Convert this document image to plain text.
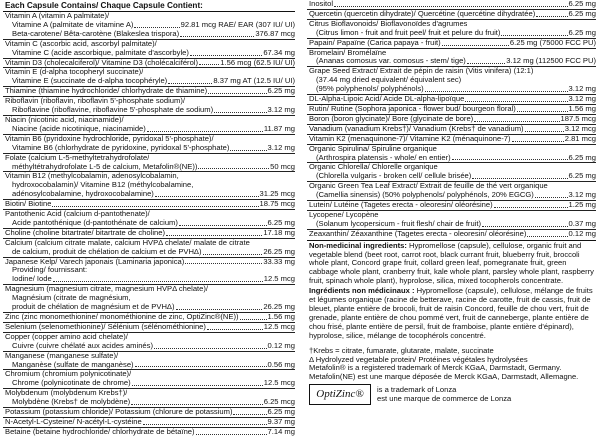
Each Capsule Contains/ Chaque Capsule Contient:
Vitamin A (vitamin A palmitate)/
Vitamine A (palmitate de vitamine A)	92.81 mcg RAE/ EAR (307 IU/ UI)
Beta-carotene/ Bêta-carotène (Blakeslea trispora)	376.87 mcg
Vitamin C (ascorbic acid, ascorbyl palmitate)/
Vitamine C (acide ascorbique, palmitate d'ascorbyle)	67.34 mg
Vitamin D3 (cholecalciferol)/ Vitamine D3 (cholécalciférol)	1.56 mcg (62.5 IU/ UI)
Vitamin E (d-alpha tocopheryl succinate)/
Vitamine E (succinate de d-alpha tocophéryle)	8.37 mg AT (12.5 IU/ UI)
Thiamine (thiamine hydrochloride/ chlorhydrate de thiamine)	6.25 mg
Riboflavin (riboflavin, riboflavin 5'-phosphate sodium)/
Riboflavine (riboflavine, riboflavine 5'-phosphate de sodium)	3.12 mg
Niacin (nicotinic acid, niacinamide)/
Niacine (acide nicotinique, niacinamide)	11.87 mg
Vitamin B6 (pyridoxine hydrochloride, pyridoxal 5'-phosphate)/
Vitamine B6 (chlorhydrate de pyridoxine, pyridoxal 5'-phosphate)	3.12 mg
Folate (calcium L-5-methyltetrahydrofolate/
méthyltétrahydrofolate L-5 de calcium, Metafolin®(NE))	50 mcg
Vitamin B12 (methylcobalamin, adenosylcobalamin,
hydroxocobalamin)/ Vitamine B12 (méthylcobalamine,
adénosylcobalamine, hydroxocobalamine)	31.25 mcg
Biotin/ Biotine	18.75 mcg
Pantothenic Acid (calcium d-pantothenate)/
Acide pantothénique (d-pantothénate de calcium)	6.25 mg
Choline (choline bitartrate/ bitartrate de choline)	17.18 mg
Calcium (calcium citrate malate, calcium HVPΔ chelate/ malate de citrate
de calcium, produit de chélation de calcium et de PVHΔ)	26.25 mg
Japanese Kelp/ Varech japonais (Laminaria japonica)	33.33 mg
Providing/ fournissant:
Iodine/ Iode	12.5 mcg
Magnesium (magnesium citrate, magnesium HVPΔ chelate)/
Magnésium (citrate de magnésium,
produit de chélation de magnésium et de PVHΔ)	26.25 mg
Zinc (zinc monomethionine/ monométhionine de zinc, OptiZinc®(NE))	1.56 mg
Selenium (selenomethionine)/ Sélénium (sélénométhionine)	12.5 mcg
Copper (copper amino acid chelate)/
Cuivre (cuivre chélaté aux acides aminés)	0.12 mg
Manganese (manganese sulfate)/
Manganèse (sulfate de manganèse)	0.56 mg
Chromium (chromium polynicotinate)/
Chrome (polynicotinate de chrome)	12.5 mcg
Molybdenum (molybdenum Krebs†)/
Molybdène (Krebs† de molybdène)	6.25 mcg
Potassium (potassium chloride)/ Potassium (chlorure de potassium)	6.25 mg
N-Acetyl-L-Cysteine/ N-acétyl-L-cystéine	9.37 mg
Betaine (betaine hydrochloride/ chlorhydrate de bétaïne)	7.14 mg
Inositol	6.25 mg
Quercetin (quercetin dihydrate)/ Quercétine (quercétine dihydratée)	6.25 mg
Citrus Bioflavonoids/ Bioflavonoïdes d'agrumes
(Citrus limon - fruit and fruit peel/ fruit et pelure du fruit)	6.25 mg
Papain/ Papaïne (Carica papaya - fruit)	6.25 mg (75000 FCC PU)
Bromelain/ Bromélaïne
(Ananas comosus var. comosus - stem/ tige)	3.12 mg (112500 FCC PU)
Grape Seed Extract/ Extrait de pépin de raisin (Vitis vinifera) (12:1)
(37.44 mg dried equivalent/ équivalent sec)
(95% polyphenols/ polyphénols)	3.12 mg
DL-Alpha-Lipoic Acid/ Acide DL-alpha-lipoïque	3.12 mg
Rutin/ Rutine (Sophora japonica - flower bud/ bourgeon floral)	1.56 mg
Boron (boron glycinate)/ Bore (glycinate de bore)	187.5 mcg
Vanadium (vanadium Krebs†)/ Vanadium (Krebs† de vanadium)	3.12 mcg
Vitamin K2 (menaquinone-7)/ Vitamine K2 (ménaquinone-7)	2.81 mcg
Organic Spirulina/ Spiruline organique
(Arthrospira platensis - whole/ en entier)	6.25 mg
Organic Chlorella/ Chlorelle organique
(Chlorella vulgaris - broken cell/ cellule brisée)	6.25 mg
Organic Green Tea Leaf Extract/ Extrait de feuille de thé vert organique
(Camellia sinensis) (50% polyphenols/ polyphénols, 20% EGCG)	3.12 mg
Lutein/ Lutéine (Tagetes erecta - oleoresin/ oléorésine)	1.25 mg
Lycopene/ Lycopène
(Solanum lycopersicum - fruit flesh/ chair de fruit)	0.37 mg
Zeaxanthin/ Zéaxanthine (Tagetes erecta - oleoresin/ oléorésine)	0.12 mg
Non-medicinal ingredients: Hypromellose (capsule), cellulose, organic fruit and vegetable blend (beet root, carrot root, black currant fruit, blueberry fruit, broccoli whole plant, Concord grape fruit, collard green leaf, pomegranate fruit, green cabbage whole plant, cranberry fruit, kale whole plant, parsley whole plant, raspberry fruit, spinach whole plant), hyprolose, silica, mixed tocopherols concentrate.
Ingrédients non médicinaux : Hypromellose (capsule), cellulose, mélange de fruits et légumes organique (racine de betterave, racine de carotte, fruit de cassis, fruit de bleuet, plante entière de brocoli, fruit de raisin Concord, feuille de chou vert, fruit de grenade, plante entière de chou pommé vert, fruit de canneberge, plante entière de chou frisé, plante entière de persil, fruit de framboise, plante entière d'épinard), hyprolose, silice, mélange de tocophérols concentré.
†Krebs = citrate, fumarate, glutarate, malate, succinate
Δ Hydrolyzed vegetable protein/ Protéines végétales hydrolysées
Metafolin® is a registered trademark of Merck KGaA, Darmstadt, Germany.
Metafolin(NE) est une marque déposée de Merck KGaA, Darmstadt, Allemagne.
OptiZinc®	is a trademark of Lonza
est une marque de commerce de Lonza
